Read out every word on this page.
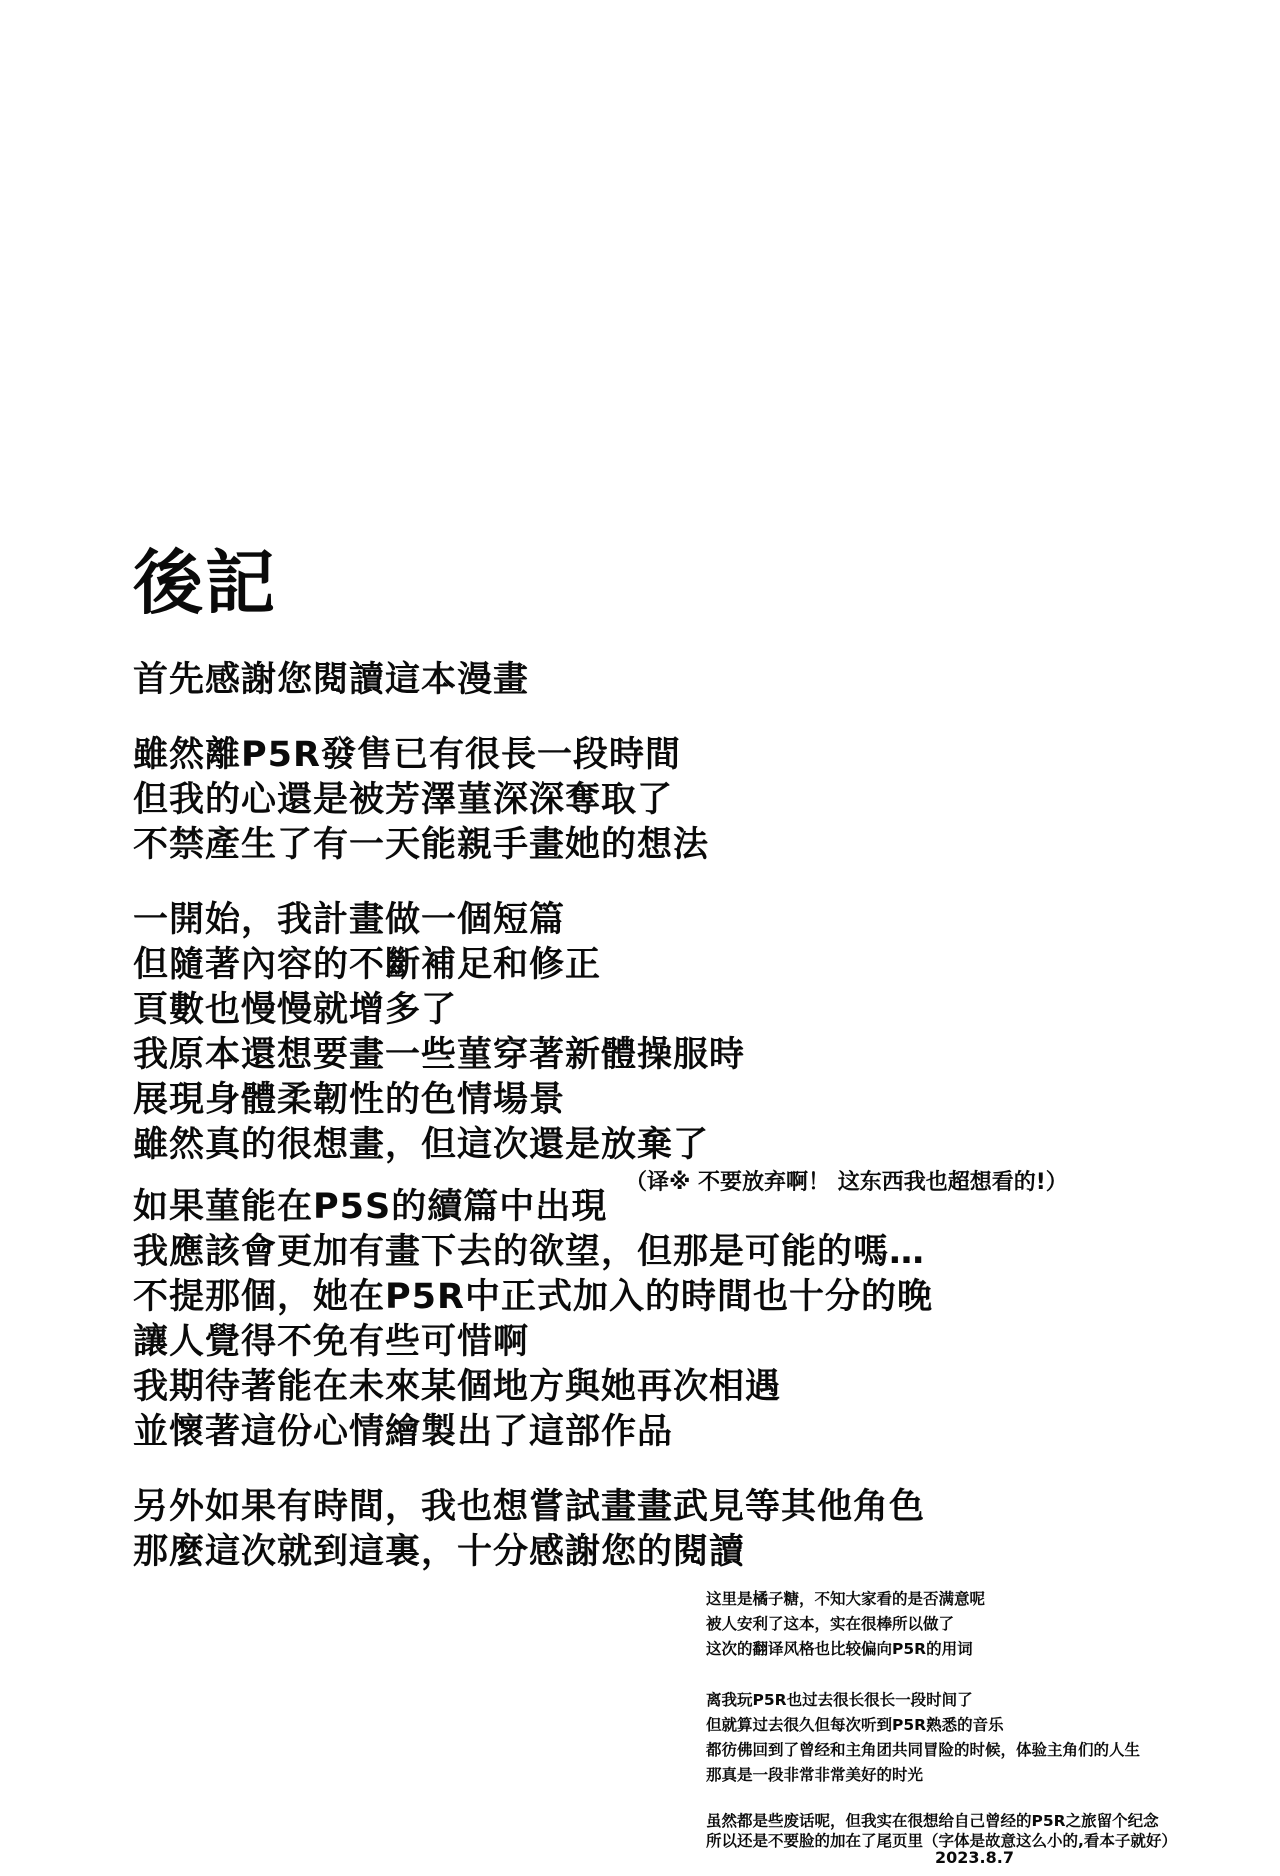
後記
首先感謝您閱讀這本漫畫
雖然離P5R發售已有很長一段時間
但我的心還是被芳澤菫深深奪取了
不禁產生了有一天能親手畫她的想法
一開始，我計畫做一個短篇
但隨著內容的不斷補足和修正
頁數也慢慢就增多了
我原本還想要畫一些菫穿著新體操服時
展現身體柔韌性的色情場景
雖然真的很想畫，但這次還是放棄了
（译※ 不要放弃啊！ 这东西我也超想看的!）
如果菫能在P5S的續篇中出現
我應該會更加有畫下去的欲望，但那是可能的嗎…
不提那個，她在P5R中正式加入的時間也十分的晚
讓人覺得不免有些可惜啊
我期待著能在未來某個地方與她再次相遇
並懷著這份心情繪製出了這部作品
另外如果有時間，我也想嘗試畫畫武見等其他角色
那麼這次就到這裏，十分感謝您的閱讀
这里是橘子糖，不知大家看的是否满意呢
被人安利了这本，实在很棒所以做了
这次的翻译风格也比较偏向P5R的用词
离我玩P5R也过去很长很长一段时间了
但就算过去很久但每次听到P5R熟悉的音乐
都彷佛回到了曾经和主角团共同冒险的时候，体验主角们的人生
那真是一段非常非常美好的时光
虽然都是些废话呢，但我实在很想给自己曾经的P5R之旅留个纪念
所以还是不要脸的加在了尾页里（字体是故意这么小的,看本子就好）
2023.8.7
